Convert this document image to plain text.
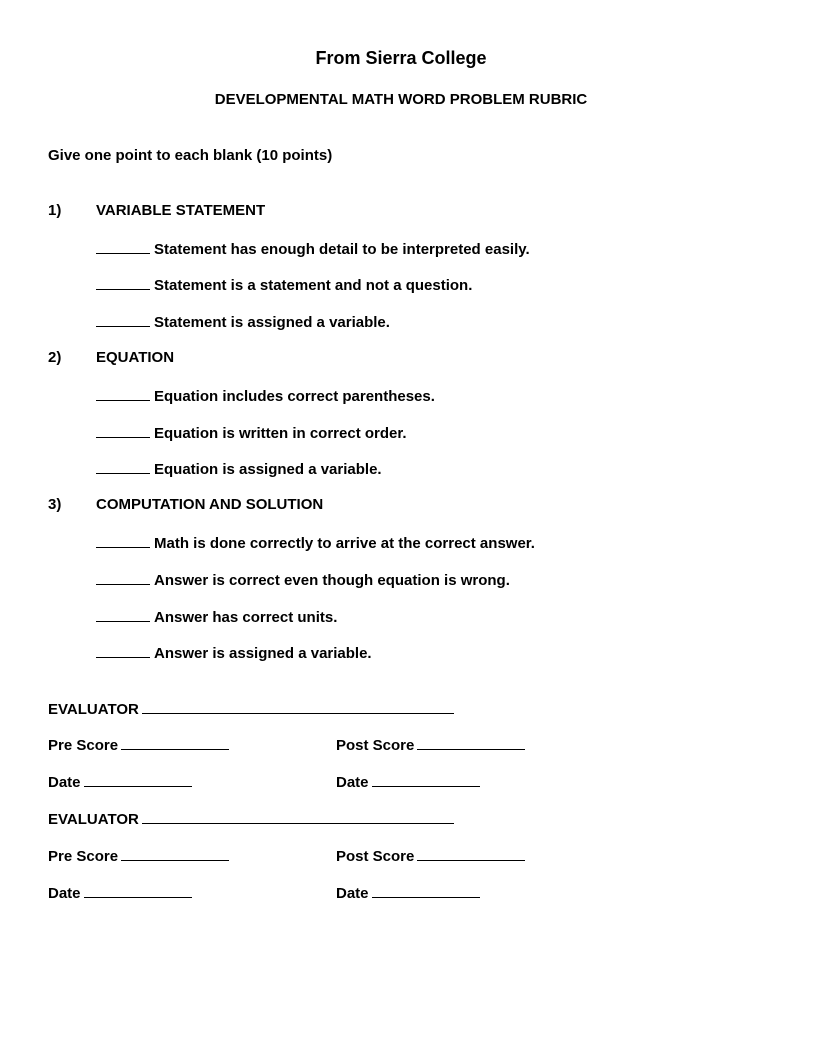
From Sierra College
DEVELOPMENTAL MATH WORD PROBLEM RUBRIC
Give one point to each blank (10 points)
1) VARIABLE STATEMENT
Statement has enough detail to be interpreted easily.
Statement is a statement and not a question.
Statement is assigned a variable.
2) EQUATION
Equation includes correct parentheses.
Equation is written in correct order.
Equation is assigned a variable.
3) COMPUTATION AND SOLUTION
Math is done correctly to arrive at the correct answer.
Answer is correct even though equation is wrong.
Answer has correct units.
Answer is assigned a variable.
EVALUATOR
Pre Score	Post Score
Date	Date
EVALUATOR
Pre Score	Post Score
Date	Date
